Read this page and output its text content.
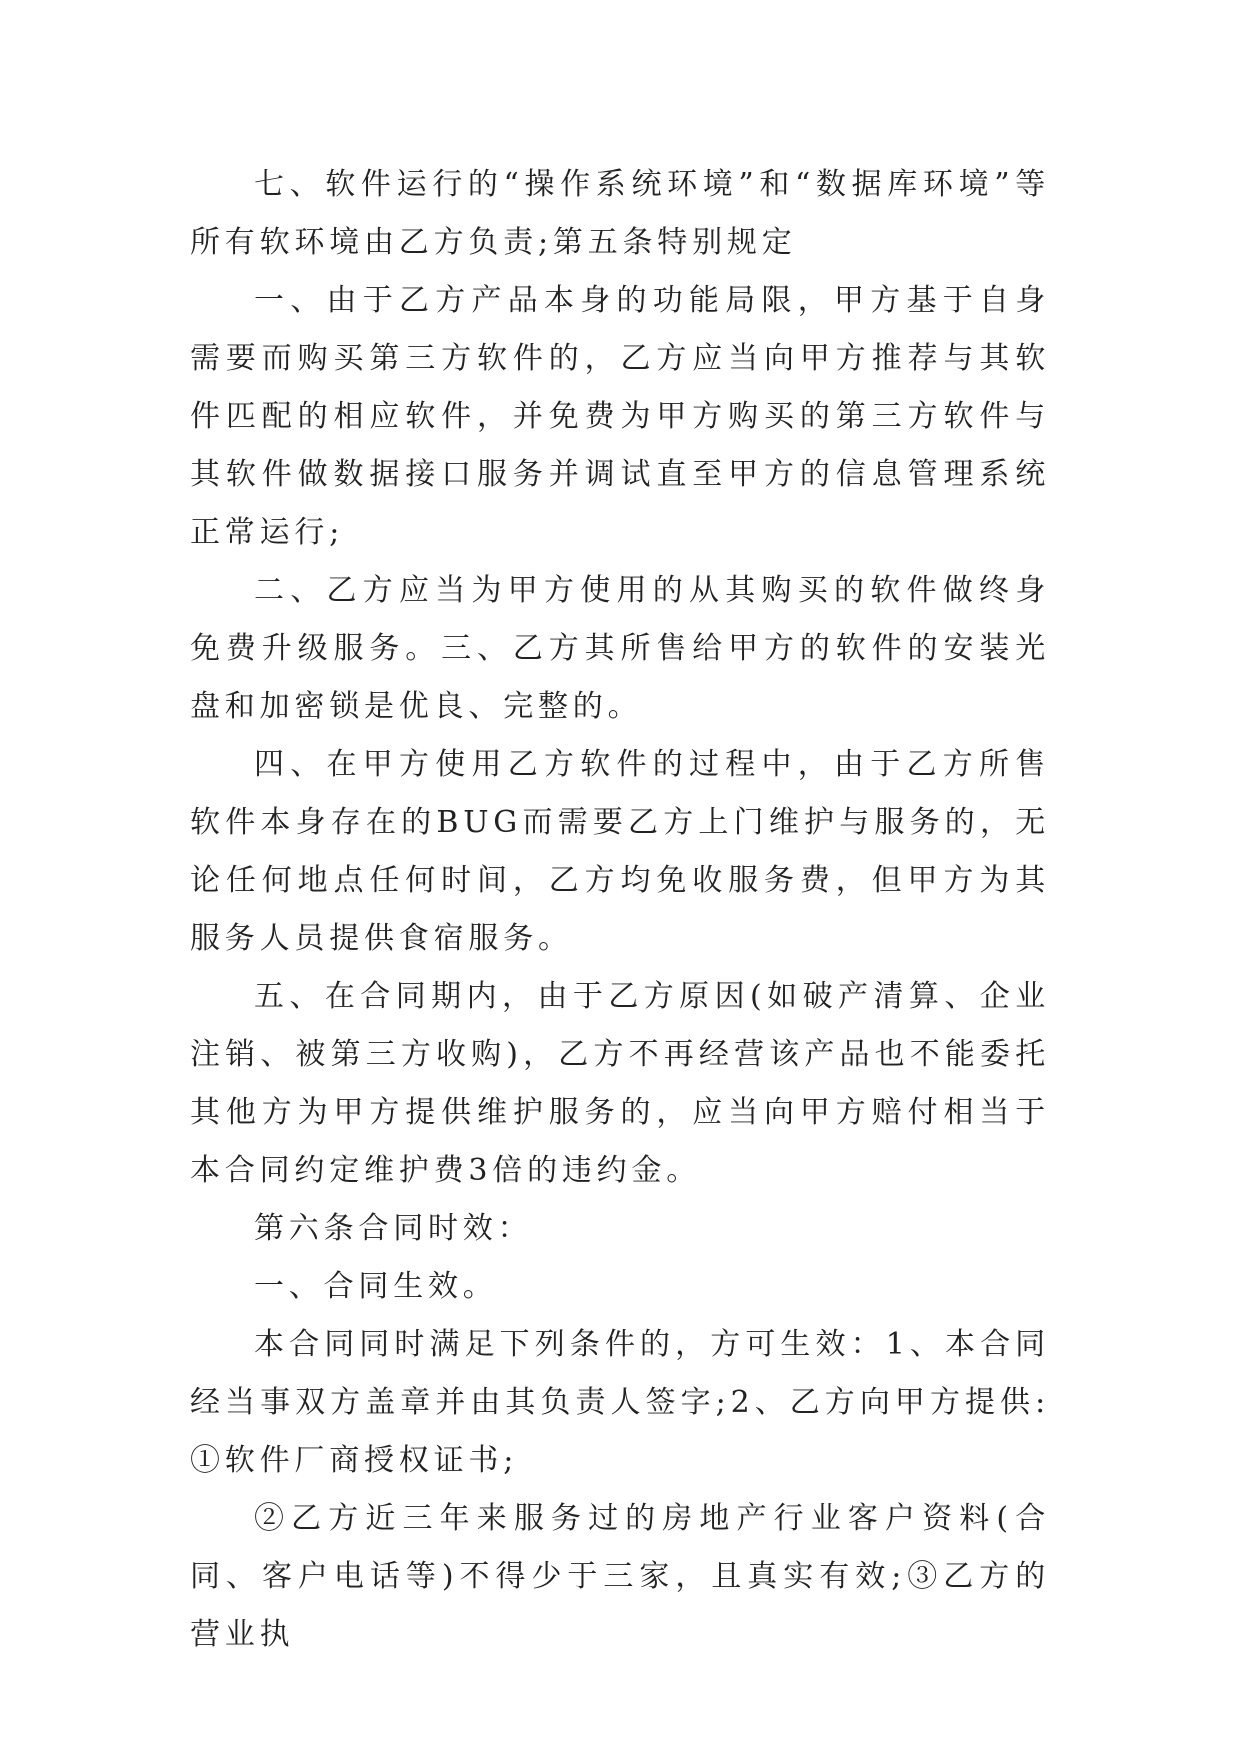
七、软件运行的“操作系统环境”和“数据库环境”等所有软环境由乙方负责;第五条特别规定

一、由于乙方产品本身的功能局限，甲方基于自身需要而购买第三方软件的，乙方应当向甲方推荐与其软件匹配的相应软件，并免费为甲方购买的第三方软件与其软件做数据接口服务并调试直至甲方的信息管理系统正常运行;

二、乙方应当为甲方使用的从其购买的软件做终身免费升级服务。三、乙方其所售给甲方的软件的安装光盘和加密锁是优良、完整的。

四、在甲方使用乙方软件的过程中，由于乙方所售软件本身存在的BUG而需要乙方上门维护与服务的，无论任何地点任何时间，乙方均免收服务费，但甲方为其服务人员提供食宿服务。

五、在合同期内，由于乙方原因(如破产清算、企业注销、被第三方收购)，乙方不再经营该产品也不能委托其他方为甲方提供维护服务的，应当向甲方赔付相当于本合同约定维护费3倍的违约金。

第六条合同时效：

一、合同生效。

本合同同时满足下列条件的，方可生效：1、本合同经当事双方盖章并由其负责人签字;2、乙方向甲方提供:①软件厂商授权证书;

②乙方近三年来服务过的房地产行业客户资料(合同、客户电话等)不得少于三家，且真实有效;③乙方的营业执
